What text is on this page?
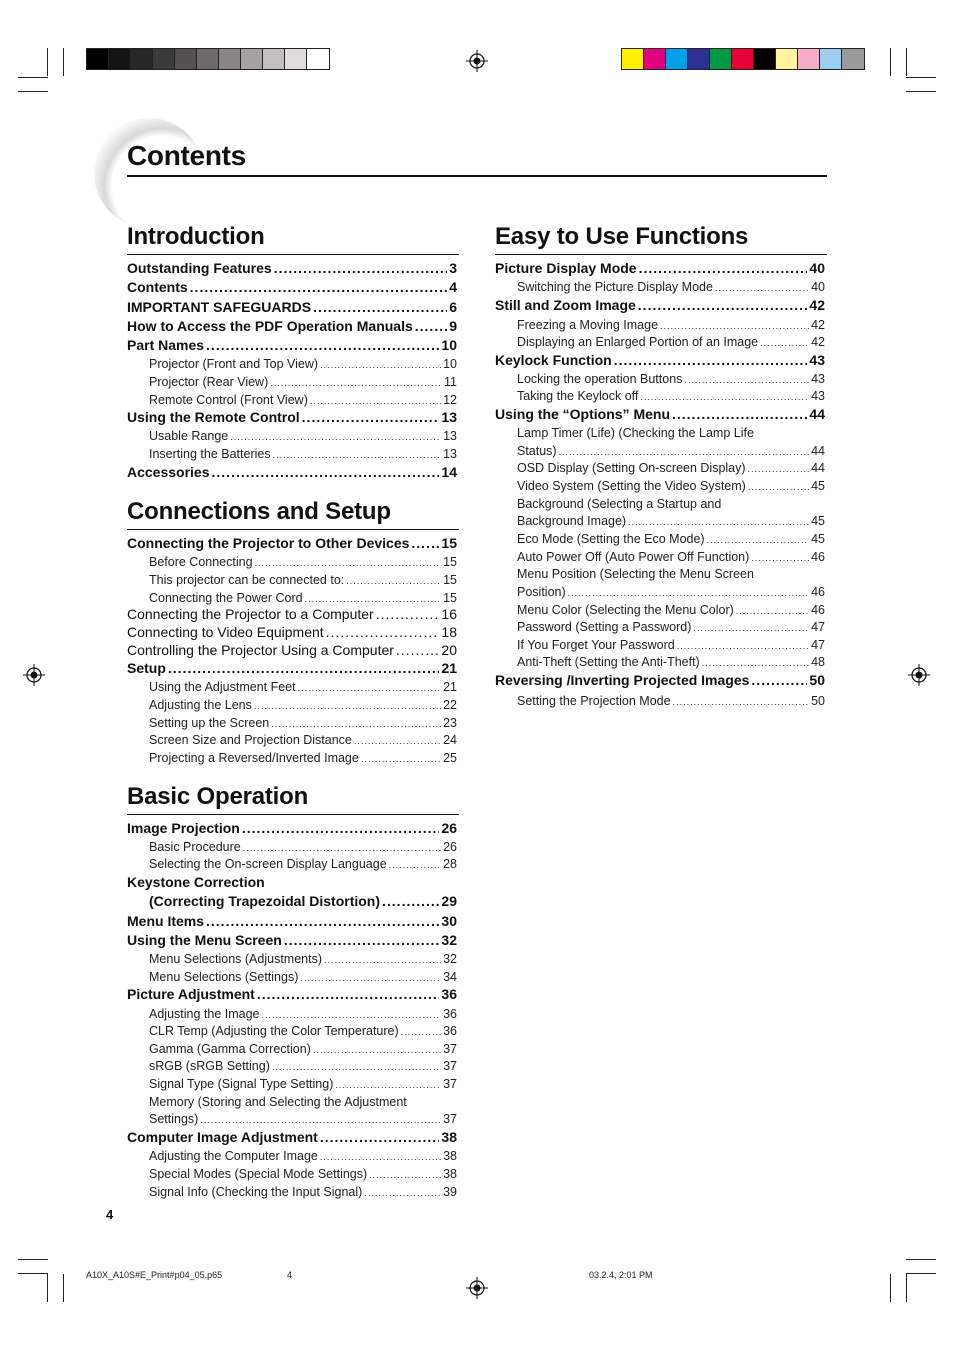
Contents
Introduction
Connections and Setup
Basic Operation
Easy to Use Functions
Outstanding Features .....	3
Contents .....	4
IMPORTANT SAFEGUARDS .....	6
How to Access the PDF Operation Manuals .....	9
Part Names .....	10
Projector (Front and Top View) .....	10
Projector (Rear View) .....	11
Remote Control (Front View) .....	12
Using the Remote Control .....	13
Usable Range .....	13
Inserting the Batteries .....	13
Accessories .....	14
Connecting the Projector to Other Devices ..... 15
Before Connecting .....	15
This projector can be connected to: .....	15
Connecting the Power Cord .....	15
Connecting the Projector to a Computer .....	16
Connecting to Video Equipment .....	18
Controlling the Projector Using a Computer .....	20
Setup .....	21
Using the Adjustment Feet .....	21
Adjusting the Lens .....	22
Setting up the Screen .....	23
Screen Size and Projection Distance .....	24
Projecting a Reversed/Inverted Image .....	25
Image Projection .....	26
Basic Procedure .....	26
Selecting the On-screen Display Language .....	28
Keystone Correction
(Correcting Trapezoidal Distortion) .....	29
Menu Items .....	30
Using the Menu Screen .....	32
Menu Selections (Adjustments) .....	32
Menu Selections (Settings) .....	34
Picture Adjustment .....	36
Adjusting the Image .....	36
CLR Temp (Adjusting the Color Temperature) .....	36
Gamma (Gamma Correction) .....	37
sRGB (sRGB Setting) .....	37
Signal Type (Signal Type Setting) .....	37
Memory (Storing and Selecting the Adjustment
Settings) .....	37
Computer Image Adjustment .....	38
Adjusting the Computer Image .....	38
Special Modes (Special Mode Settings) .....	38
Signal Info (Checking the Input Signal) .....	39
Picture Display Mode .....	40
Switching the Picture Display Mode .....	40
Still and Zoom Image .....	42
Freezing a Moving Image .....	42
Displaying an Enlarged Portion of an Image .....	42
Keylock Function .....	43
Locking the operation Buttons .....	43
Taking the Keylock off .....	43
Using the “Options” Menu .....	44
Lamp Timer (Life) (Checking the Lamp Life
Status) .....	44
OSD Display (Setting On-screen Display) .....	44
Video System (Setting the Video System) .....	45
Background (Selecting a Startup and
Background Image) .....	45
Eco Mode (Setting the Eco Mode) .....	45
Auto Power Off (Auto Power Off Function) .....	46
Menu Position (Selecting the Menu Screen
Position) .....	46
Menu Color (Selecting the Menu Color) .....	46
Password (Setting a Password) .....	47
If You Forget Your Password .....	47
Anti-Theft (Setting the Anti-Theft) .....	48
Reversing /Inverting Projected Images .....	50
Setting the Projection Mode .....	50
4
A10X_A10S#E_Print#p04_05.p65	4	03.2.4, 2:01 PM
